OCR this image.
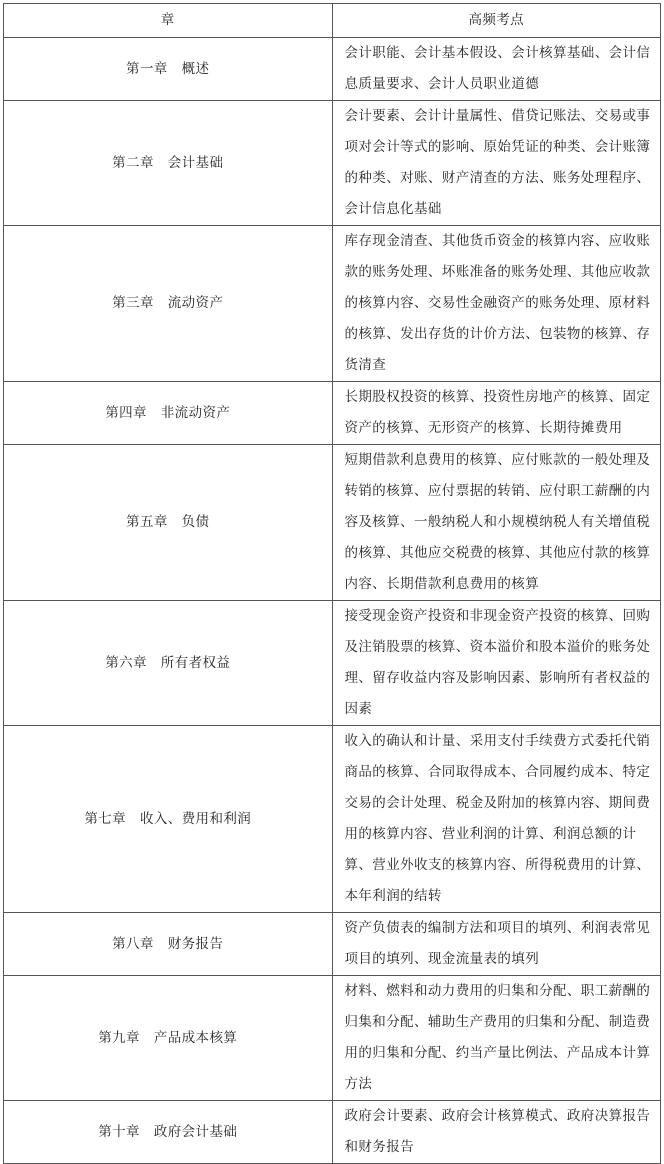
章	高频考点
第一章　概述	会计职能、会计基本假设、会计核算基础、会计信息质量要求、会计人员职业道德
第二章　会计基础	会计要素、会计计量属性、借贷记账法、交易或事项对会计等式的影响、原始凭证的种类、会计账簿的种类、对账、财产清查的方法、账务处理程序、会计信息化基础
第三章　流动资产	库存现金清查、其他货币资金的核算内容、应收账款的账务处理、坏账准备的账务处理、其他应收款的核算内容、交易性金融资产的账务处理、原材料的核算、发出存货的计价方法、包装物的核算、存货清查
第四章　非流动资产	长期股权投资的核算、投资性房地产的核算、固定资产的核算、无形资产的核算、长期待摊费用
第五章　负债	短期借款利息费用的核算、应付账款的一般处理及转销的核算、应付票据的转销、应付职工薪酬的内容及核算、一般纳税人和小规模纳税人有关增值税的核算、其他应交税费的核算、其他应付款的核算内容、长期借款利息费用的核算
第六章　所有者权益	接受现金资产投资和非现金资产投资的核算、回购及注销股票的核算、资本溢价和股本溢价的账务处理、留存收益内容及影响因素、影响所有者权益的因素
第七章　收入、费用和利润	收入的确认和计量、采用支付手续费方式委托代销商品的核算、合同取得成本、合同履约成本、特定交易的会计处理、税金及附加的核算内容、期间费用的核算内容、营业利润的计算、利润总额的计算、营业外收支的核算内容、所得税费用的计算、本年利润的结转
第八章　财务报告	资产负债表的编制方法和项目的填列、利润表常见项目的填列、现金流量表的填列
第九章　产品成本核算	材料、燃料和动力费用的归集和分配、职工薪酬的归集和分配、辅助生产费用的归集和分配、制造费用的归集和分配、约当产量比例法、产品成本计算方法
第十章　政府会计基础	政府会计要素、政府会计核算模式、政府决算报告和财务报告
